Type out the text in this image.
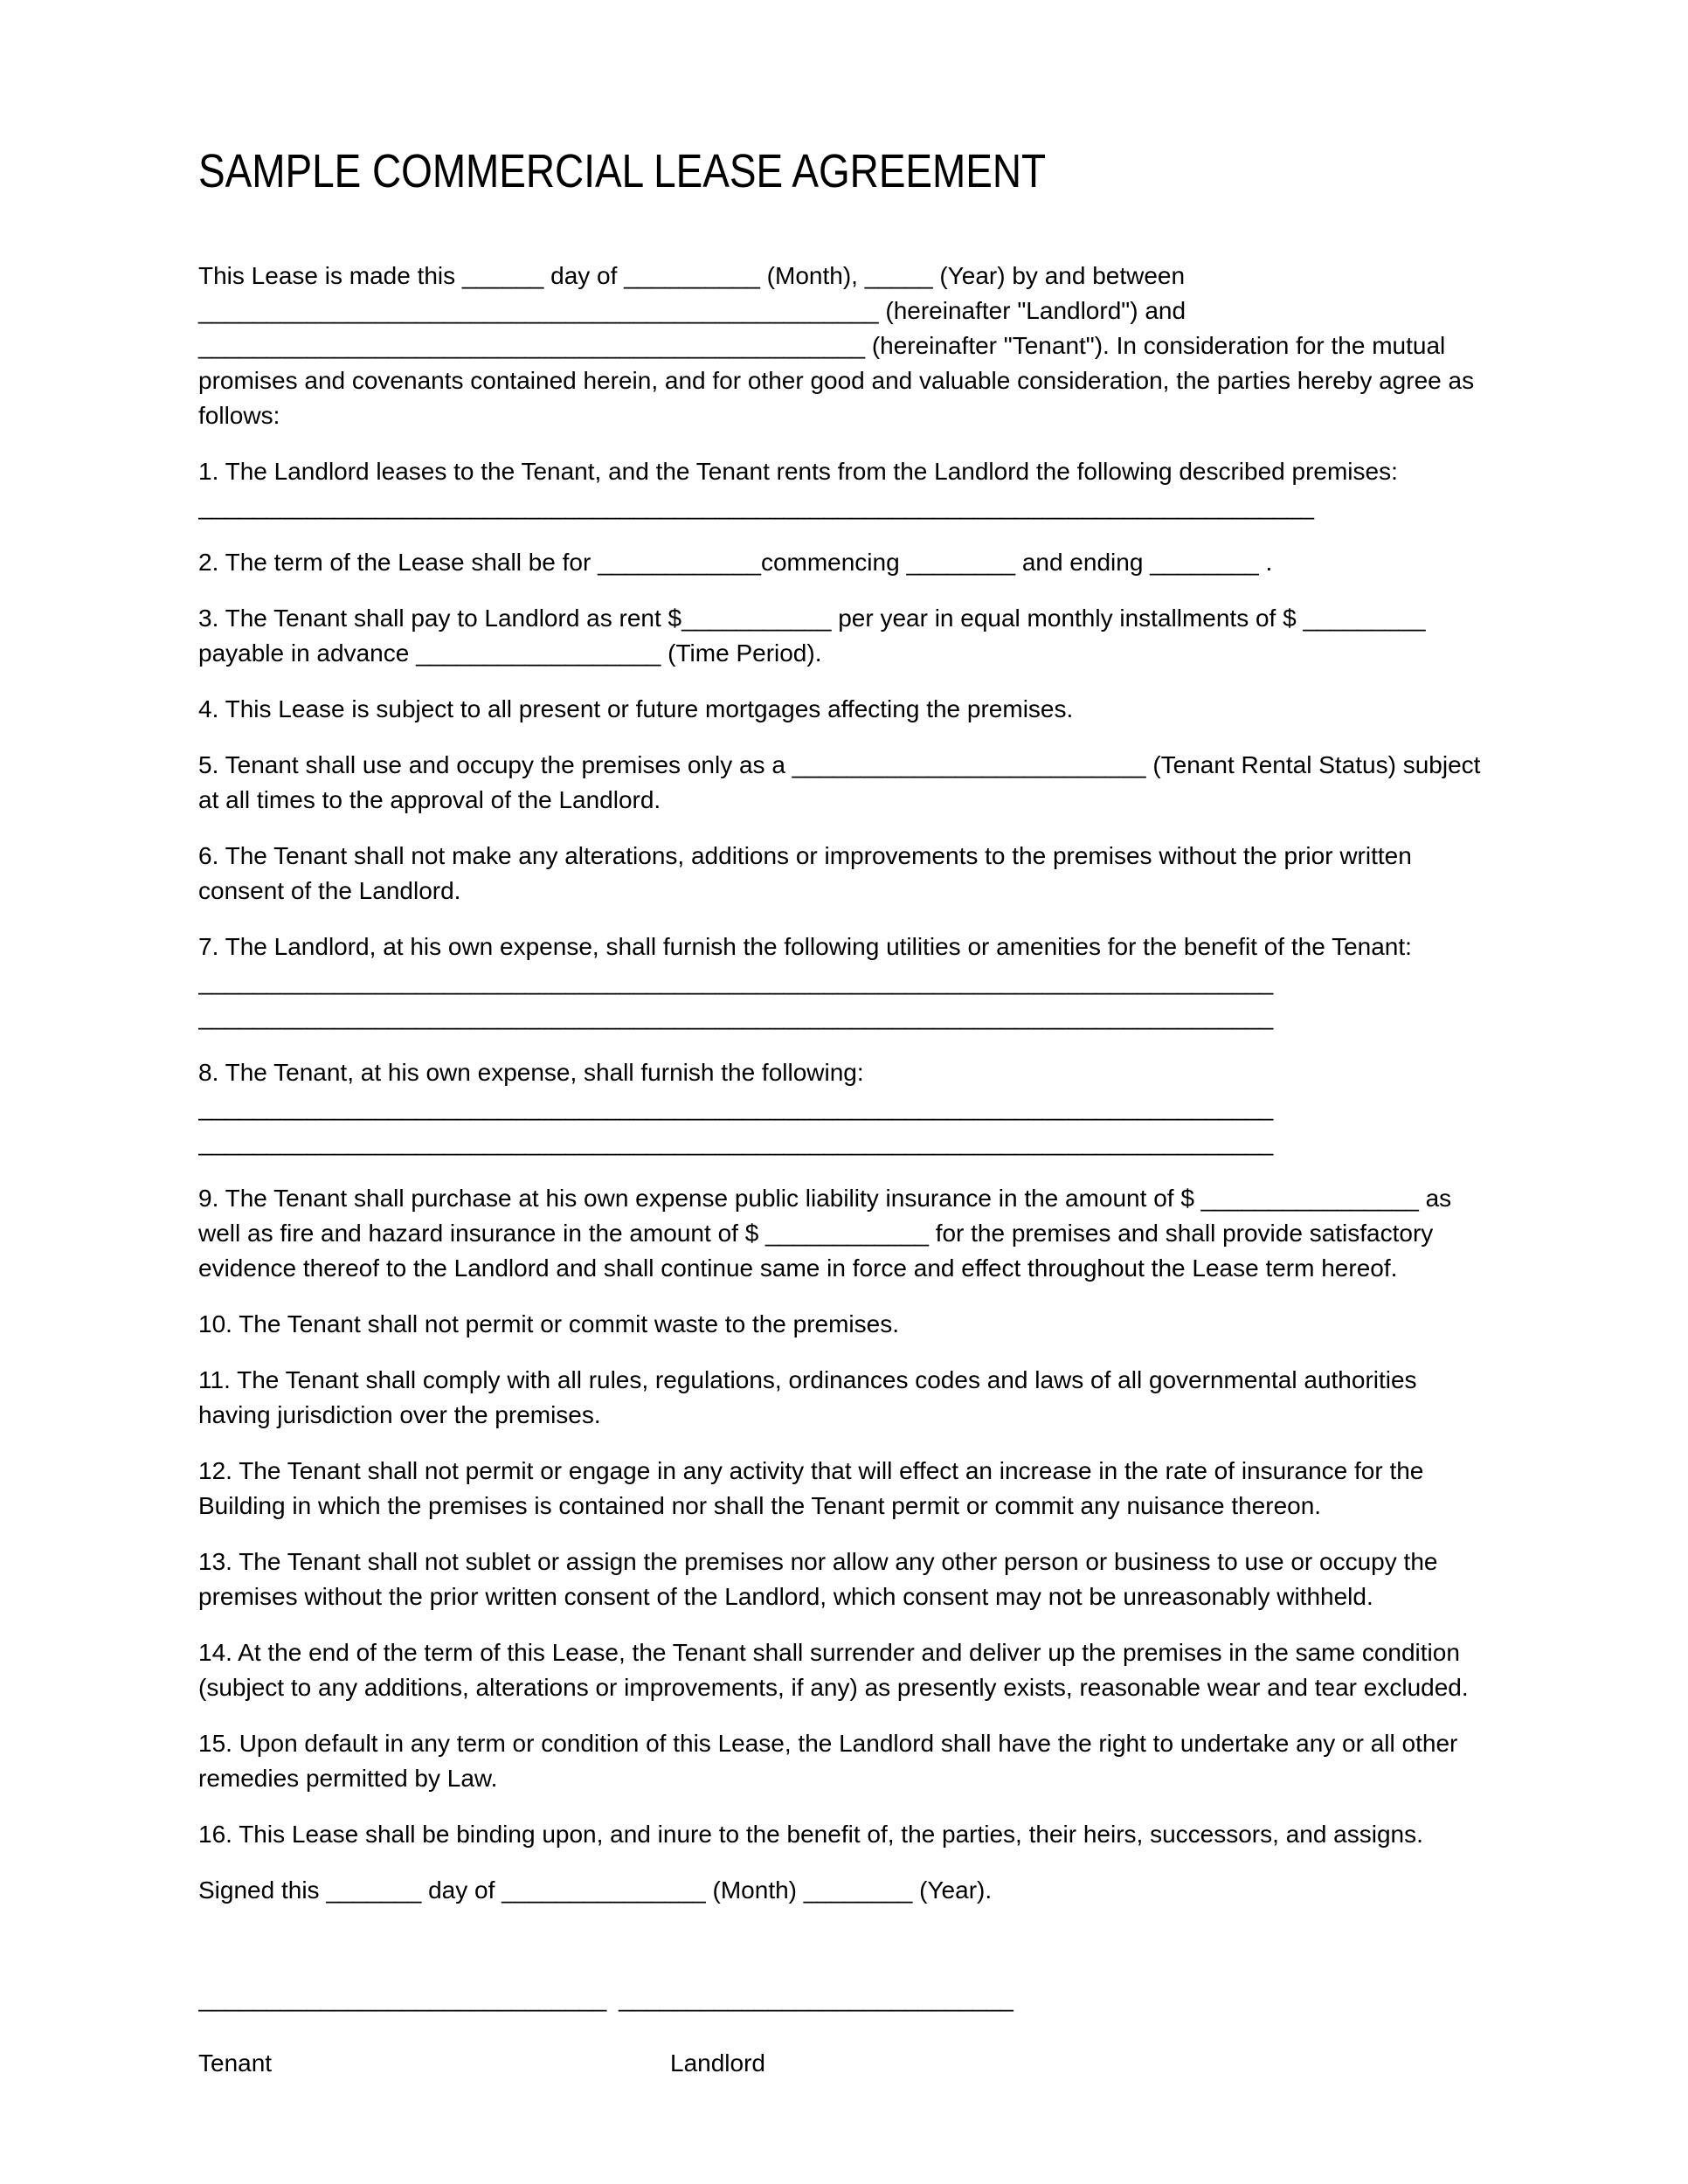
SAMPLE COMMERCIAL LEASE AGREEMENT

This Lease is made this ______ day of __________ (Month), _____ (Year) by and between __________________________________________________ (hereinafter "Landlord") and _________________________________________________ (hereinafter "Tenant"). In consideration for the mutual promises and covenants contained herein, and for other good and valuable consideration, the parties hereby agree as follows:

1. The Landlord leases to the Tenant, and the Tenant rents from the Landlord the following described premises:

__________________________________________________________________________________

2. The term of the Lease shall be for ____________commencing ________ and ending ________ .

3. The Tenant shall pay to Landlord as rent $___________ per year in equal monthly installments of $ _________ payable in advance __________________ (Time Period).

4. This Lease is subject to all present or future mortgages affecting the premises.

5. Tenant shall use and occupy the premises only as a __________________________ (Tenant Rental Status) subject at all times to the approval of the Landlord.

6. The Tenant shall not make any alterations, additions or improvements to the premises without the prior written consent of the Landlord.

7. The Landlord, at his own expense, shall furnish the following utilities or amenities for the benefit of the Tenant:

_______________________________________________________________________________
_______________________________________________________________________________

8. The Tenant, at his own expense, shall furnish the following:

_______________________________________________________________________________
_______________________________________________________________________________

9. The Tenant shall purchase at his own expense public liability insurance in the amount of $ ________________ as well as fire and hazard insurance in the amount of $ ____________ for the premises and shall provide satisfactory evidence thereof to the Landlord and shall continue same in force and effect throughout the Lease term hereof.

10. The Tenant shall not permit or commit waste to the premises.

11. The Tenant shall comply with all rules, regulations, ordinances codes and laws of all governmental authorities having jurisdiction over the premises.

12. The Tenant shall not permit or engage in any activity that will effect an increase in the rate of insurance for the Building in which the premises is contained nor shall the Tenant permit or commit any nuisance thereon.

13. The Tenant shall not sublet or assign the premises nor allow any other person or business to use or occupy the premises without the prior written consent of the Landlord, which consent may not be unreasonably withheld.

14. At the end of the term of this Lease, the Tenant shall surrender and deliver up the premises in the same condition (subject to any additions, alterations or improvements, if any) as presently exists, reasonable wear and tear excluded.

15. Upon default in any term or condition of this Lease, the Landlord shall have the right to undertake any or all other remedies permitted by Law.

16. This Lease shall be binding upon, and inure to the benefit of, the parties, their heirs, successors, and assigns.

Signed this _______ day of _______________ (Month) ________ (Year).

______________________________ _____________________________
Tenant	Landlord
